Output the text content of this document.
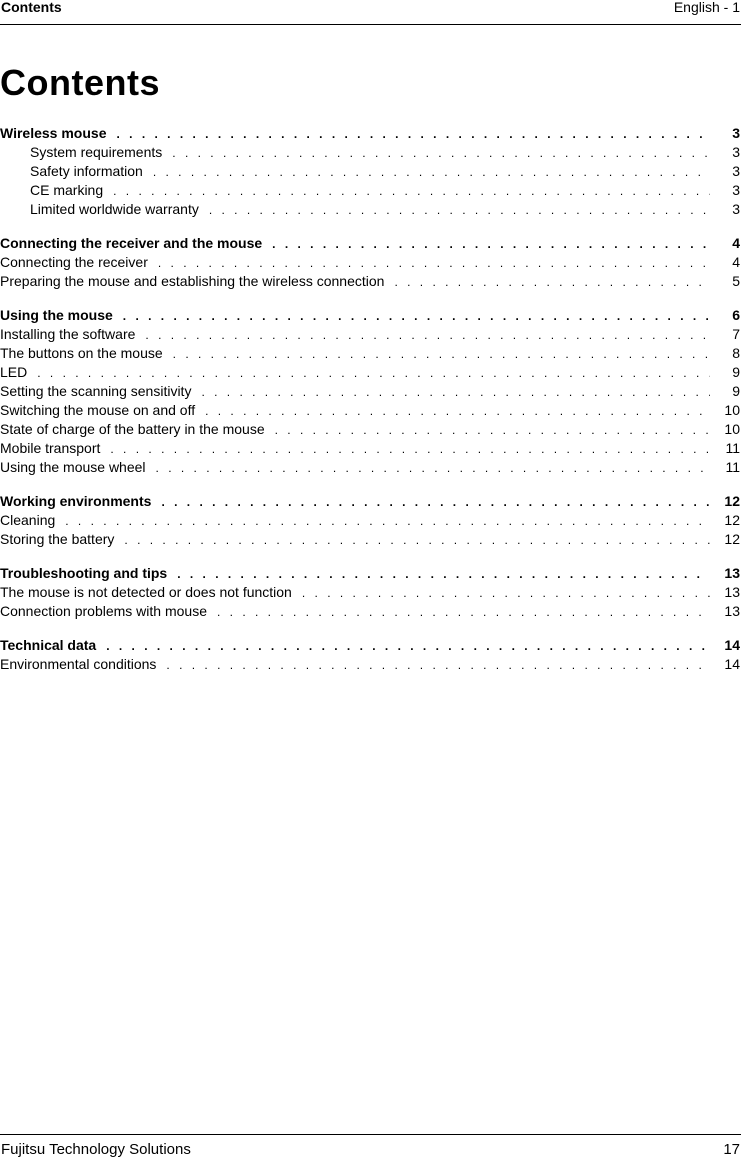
Contents	English - 1
Contents
Wireless mouse . . .	3
System requirements . . .	3
Safety information . . .	3
CE marking . . .	3
Limited worldwide warranty . . .	3
Connecting the receiver and the mouse . . .	4
Connecting the receiver . . .	4
Preparing the mouse and establishing the wireless connection . . .	5
Using the mouse . . .	6
Installing the software . . .	7
The buttons on the mouse . . .	8
LED . . .	9
Setting the scanning sensitivity . . .	9
Switching the mouse on and off . . .	10
State of charge of the battery in the mouse . . .	10
Mobile transport . . .	11
Using the mouse wheel . . .	11
Working environments . . .	12
Cleaning . . .	12
Storing the battery . . .	12
Troubleshooting and tips . . .	13
The mouse is not detected or does not function . . .	13
Connection problems with mouse . . .	13
Technical data . . .	14
Environmental conditions . . .	14
Fujitsu Technology Solutions	17
